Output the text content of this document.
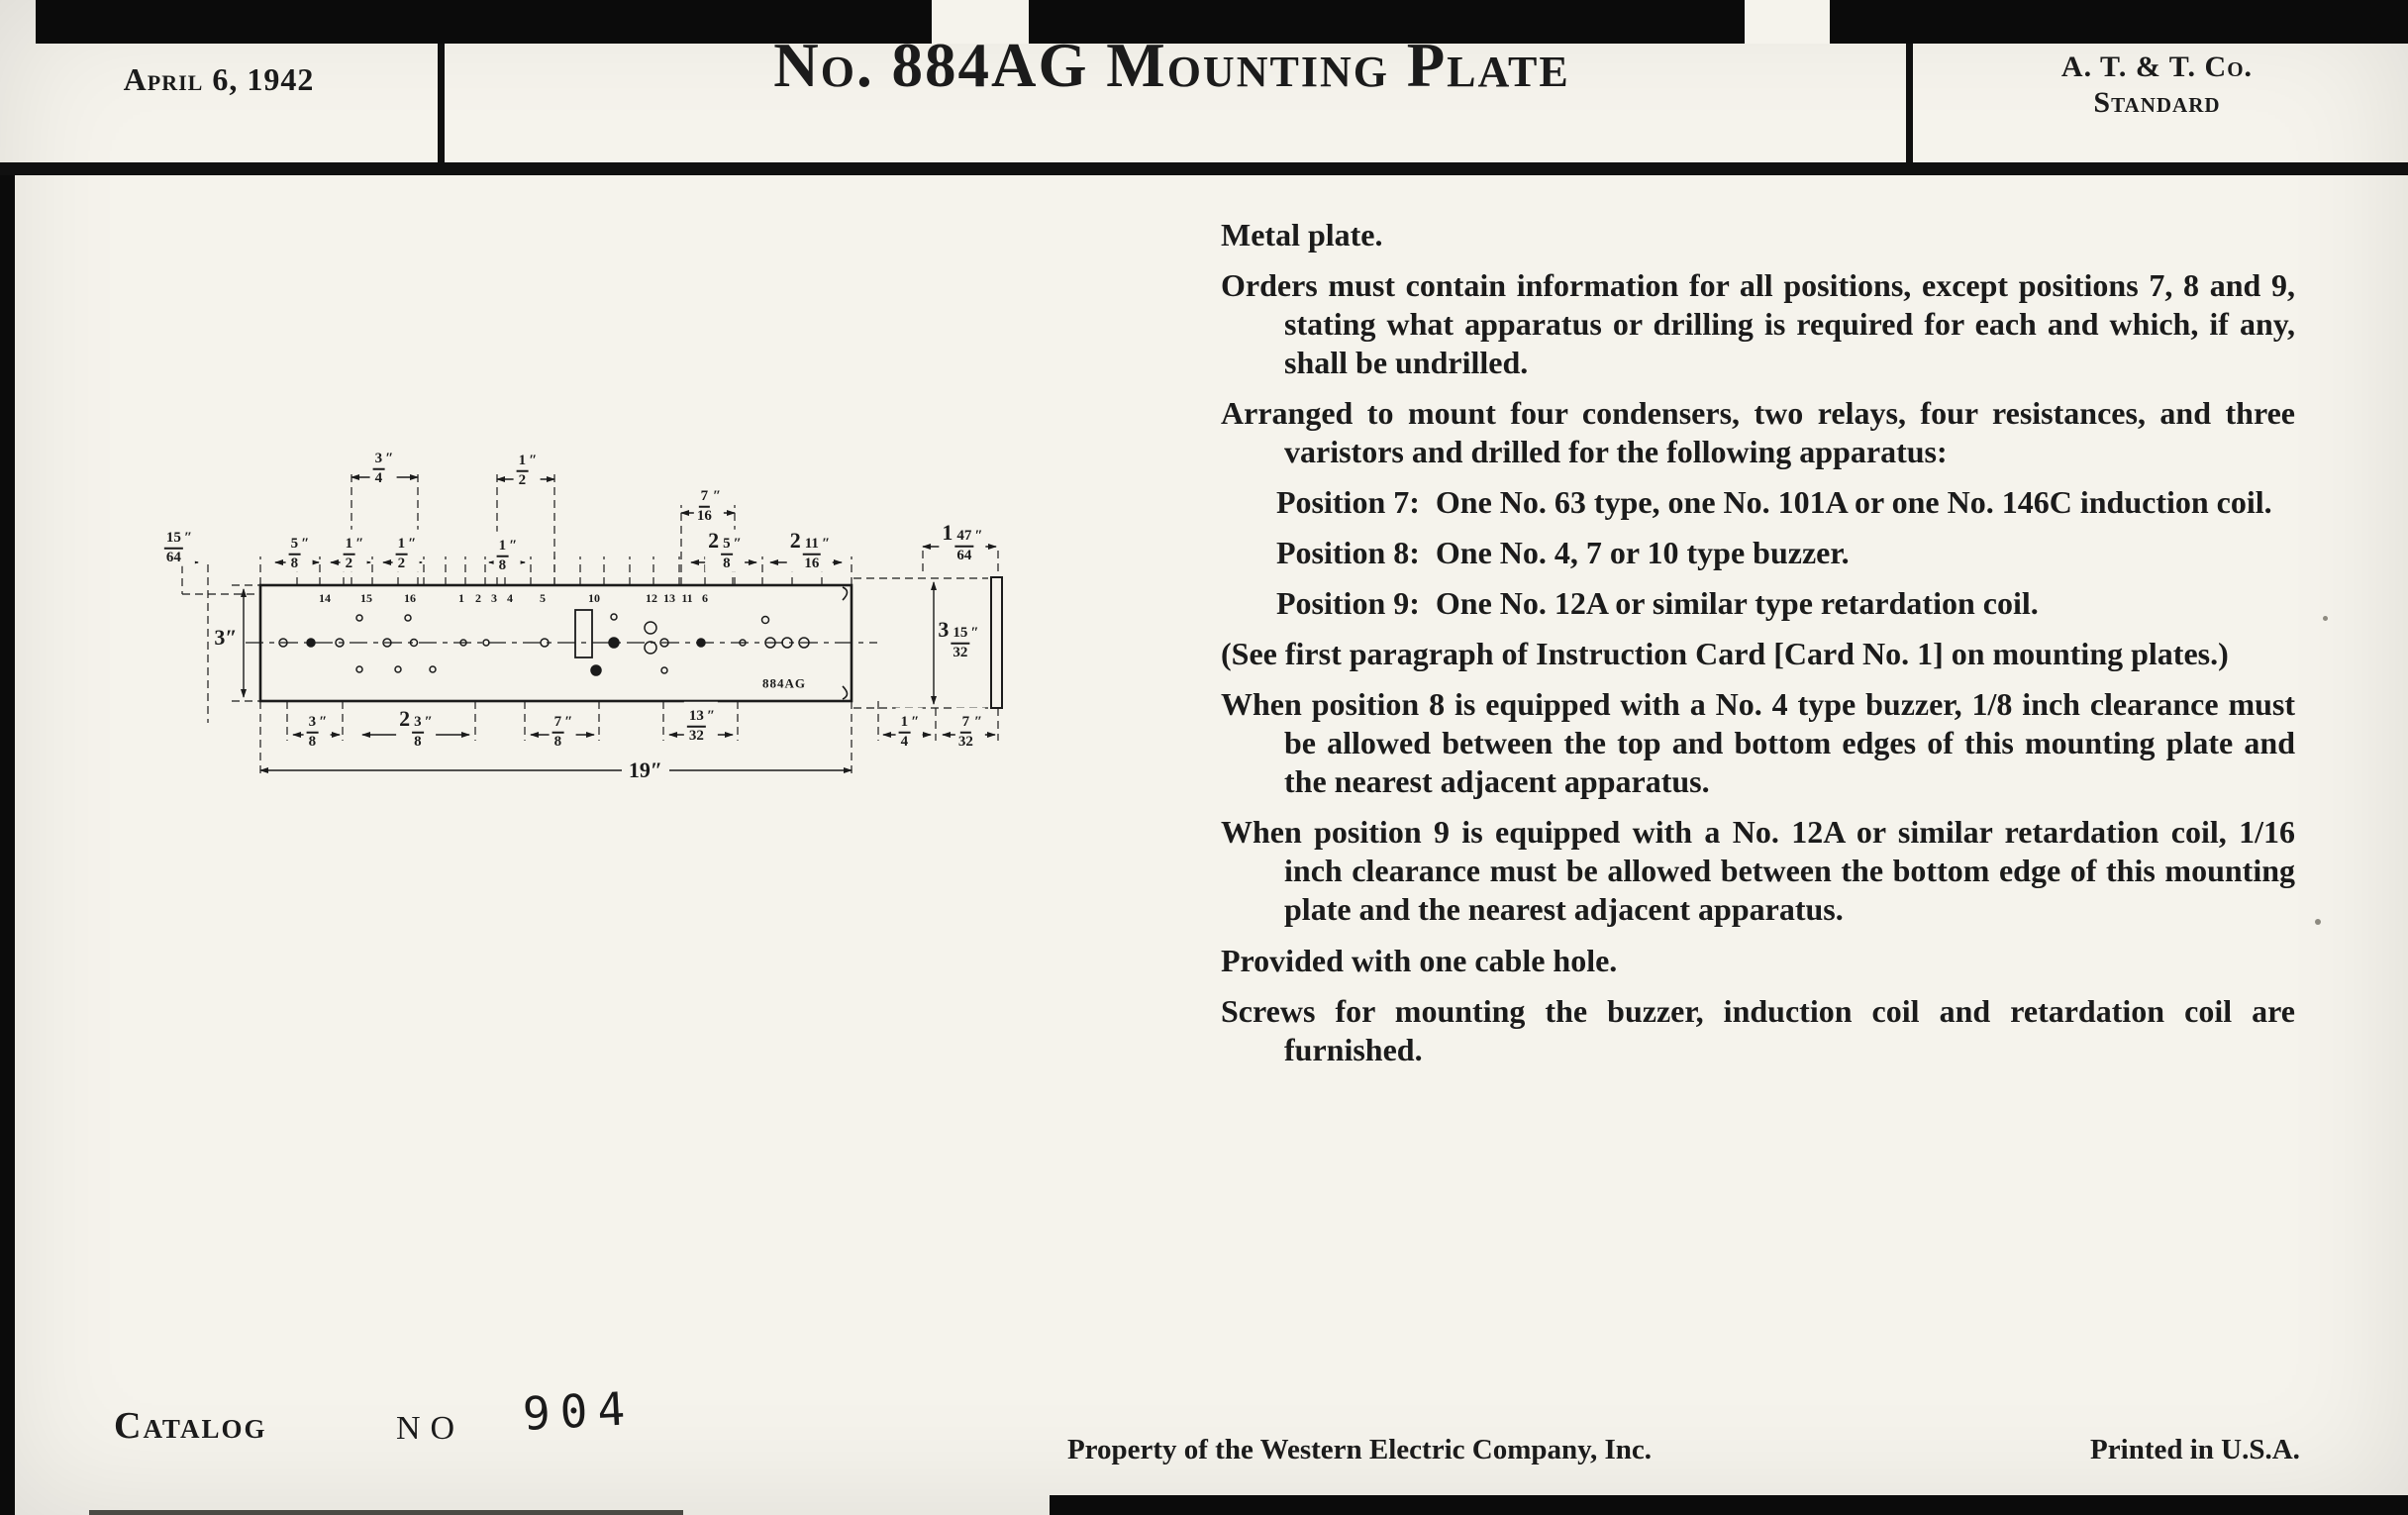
April 6, 1942	No. 884AG Mounting Plate	A. T. & T. Co.
Standard
$\frac{3}{4}$ ″	$\frac{1}{2}$ ″
$\frac{7}{16}$ ″
$\frac{15}{64}$ ″	$\frac{5}{8}$ ″ $\frac{1}{2}$ ″ $\frac{1}{2}$ ″	$\frac{1}{8}$ ″	$2 \frac{5}{8}$ ″ $2 \frac{11}{16}$ ″	$1 \frac{47}{64}$ ″
3″	$3 \frac{15}{32}$ ″
$\frac{3}{8}$ ″	$2 \frac{3}{8}$ ″	$\frac{7}{8}$ ″	$\frac{13}{32}$ ″	$\frac{1}{4}$ ″	$\frac{7}{32}$ ″
19″
884AG
14	15	16	1 2 3 4 5	10	12 13 11 6

Metal plate.

Orders must contain information for all positions, except positions 7, 8 and 9, stating what apparatus or drilling is required for each and which, if any, shall be undrilled.

Arranged to mount four condensers, two relays, four resistances, and three varistors and drilled for the following apparatus:

Position 7:  One No. 63 type, one No. 101A or one No. 146C induction coil.

Position 8:  One No. 4, 7 or 10 type buzzer.

Position 9:  One No. 12A or similar type retardation coil.

(See first paragraph of Instruction Card [Card No. 1] on mounting plates.)

When position 8 is equipped with a No. 4 type buzzer, 1/8 inch clearance must be allowed between the top and bottom edges of this mounting plate and the nearest adjacent apparatus.

When position 9 is equipped with a No. 12A or similar retardation coil, 1/16 inch clearance must be allowed between the bottom edge of this mounting plate and the nearest adjacent apparatus.

Provided with one cable hole.

Screws for mounting the buzzer, induction coil and retardation coil are furnished.

Catalog	NO 904
Property of the Western Electric Company, Inc.	Printed in U.S.A.
